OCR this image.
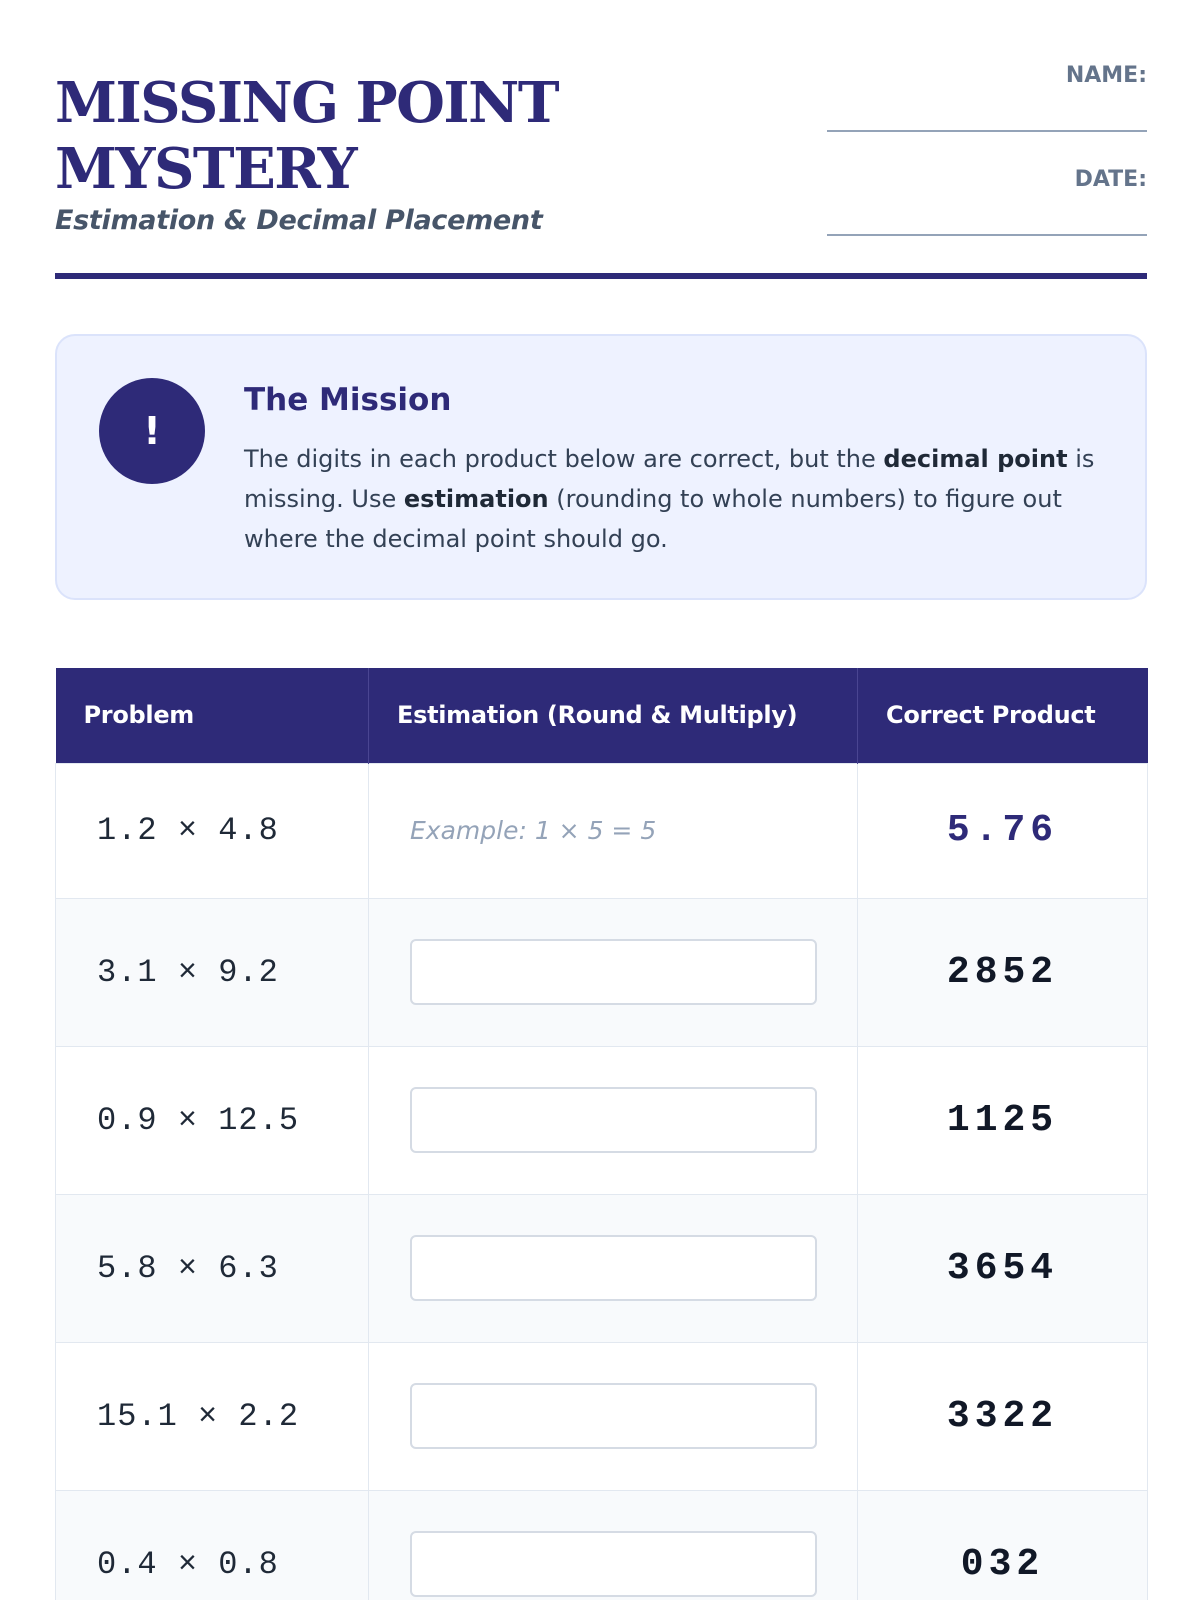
MISSING POINT
MYSTERY
Estimation & Decimal Placement
NAME:
DATE:
!
The Mission
The digits in each product below are correct, but the decimal point is missing. Use estimation (rounding to whole numbers) to figure out where the decimal point should go.
Problem	Estimation (Round & Multiply)	Correct Product
1.2 × 4.8	Example: 1 × 5 = 5	5.76
3.1 × 9.2		2852
0.9 × 12.5		1125
5.8 × 6.3		3654
15.1 × 2.2		3322
0.4 × 0.8		032
